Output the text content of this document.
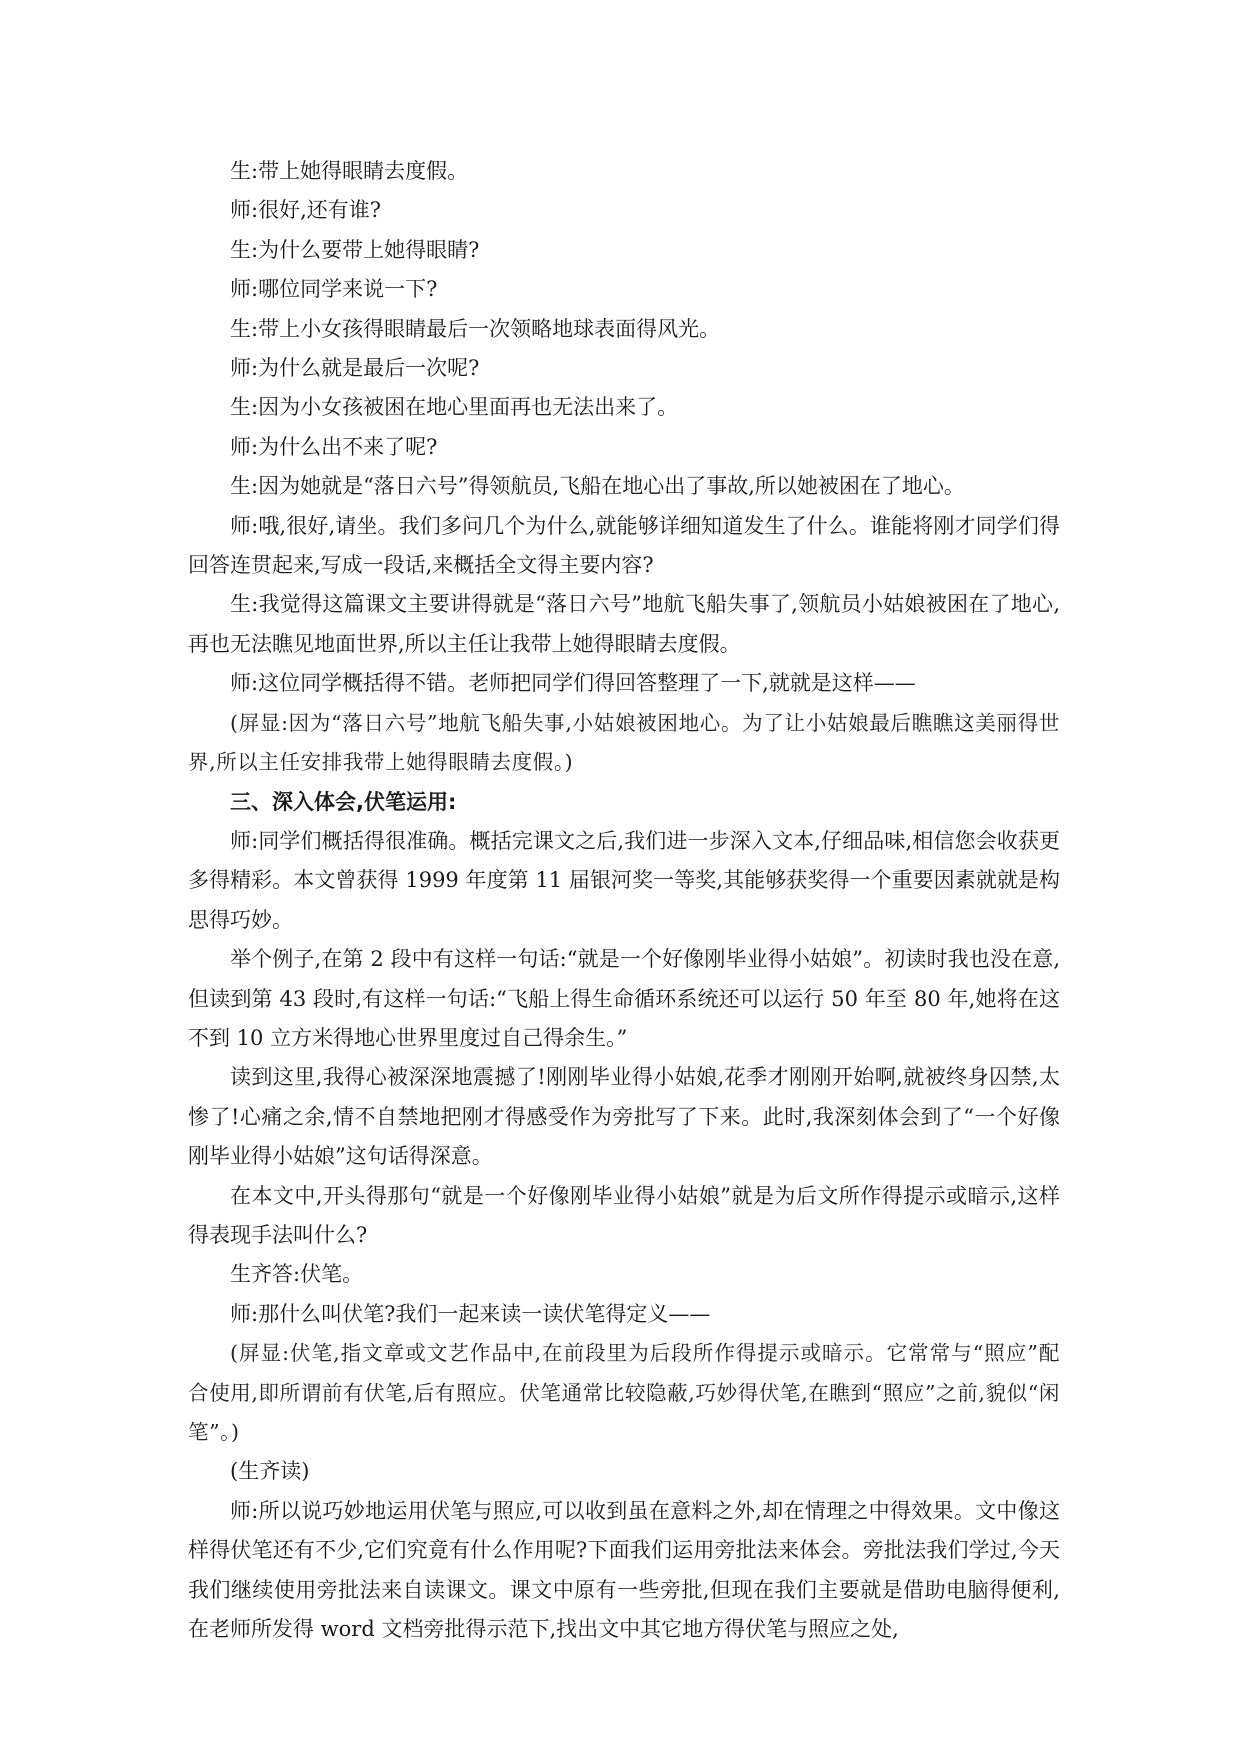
生:带上她得眼睛去度假。

师:很好,还有谁?

生:为什么要带上她得眼睛?

师:哪位同学来说一下?

生:带上小女孩得眼睛最后一次领略地球表面得风光。

师:为什么就是最后一次呢?

生:因为小女孩被困在地心里面再也无法出来了。

师:为什么出不来了呢?

生:因为她就是“落日六号”得领航员,飞船在地心出了事故,所以她被困在了地心。

师:哦,很好,请坐。我们多问几个为什么,就能够详细知道发生了什么。谁能将刚才同学们得回答连贯起来,写成一段话,来概括全文得主要内容?

生:我觉得这篇课文主要讲得就是“落日六号”地航飞船失事了,领航员小姑娘被困在了地心,再也无法瞧见地面世界,所以主任让我带上她得眼睛去度假。

师:这位同学概括得不错。老师把同学们得回答整理了一下,就就是这样——

(屏显:因为“落日六号”地航飞船失事,小姑娘被困地心。为了让小姑娘最后瞧瞧这美丽得世界,所以主任安排我带上她得眼睛去度假。)

三、深入体会,伏笔运用:

师:同学们概括得很准确。概括完课文之后,我们进一步深入文本,仔细品味,相信您会收获更多得精彩。本文曾获得 1999 年度第 11 届银河奖一等奖,其能够获奖得一个重要因素就就是构思得巧妙。

举个例子,在第 2 段中有这样一句话:“就是一个好像刚毕业得小姑娘”。初读时我也没在意,但读到第 43 段时,有这样一句话:“飞船上得生命循环系统还可以运行 50 年至 80 年,她将在这不到 10 立方米得地心世界里度过自己得余生。”

读到这里,我得心被深深地震撼了!刚刚毕业得小姑娘,花季才刚刚开始啊,就被终身囚禁,太惨了!心痛之余,情不自禁地把刚才得感受作为旁批写了下来。此时,我深刻体会到了“一个好像刚毕业得小姑娘”这句话得深意。

在本文中,开头得那句“就是一个好像刚毕业得小姑娘”就是为后文所作得提示或暗示,这样得表现手法叫什么?

生齐答:伏笔。

师:那什么叫伏笔?我们一起来读一读伏笔得定义——

(屏显:伏笔,指文章或文艺作品中,在前段里为后段所作得提示或暗示。它常常与“照应”配合使用,即所谓前有伏笔,后有照应。伏笔通常比较隐蔽,巧妙得伏笔,在瞧到“照应”之前,貌似“闲笔”。)

(生齐读)

师:所以说巧妙地运用伏笔与照应,可以收到虽在意料之外,却在情理之中得效果。文中像这样得伏笔还有不少,它们究竟有什么作用呢?下面我们运用旁批法来体会。旁批法我们学过,今天我们继续使用旁批法来自读课文。课文中原有一些旁批,但现在我们主要就是借助电脑得便利,在老师所发得 word 文档旁批得示范下,找出文中其它地方得伏笔与照应之处,
